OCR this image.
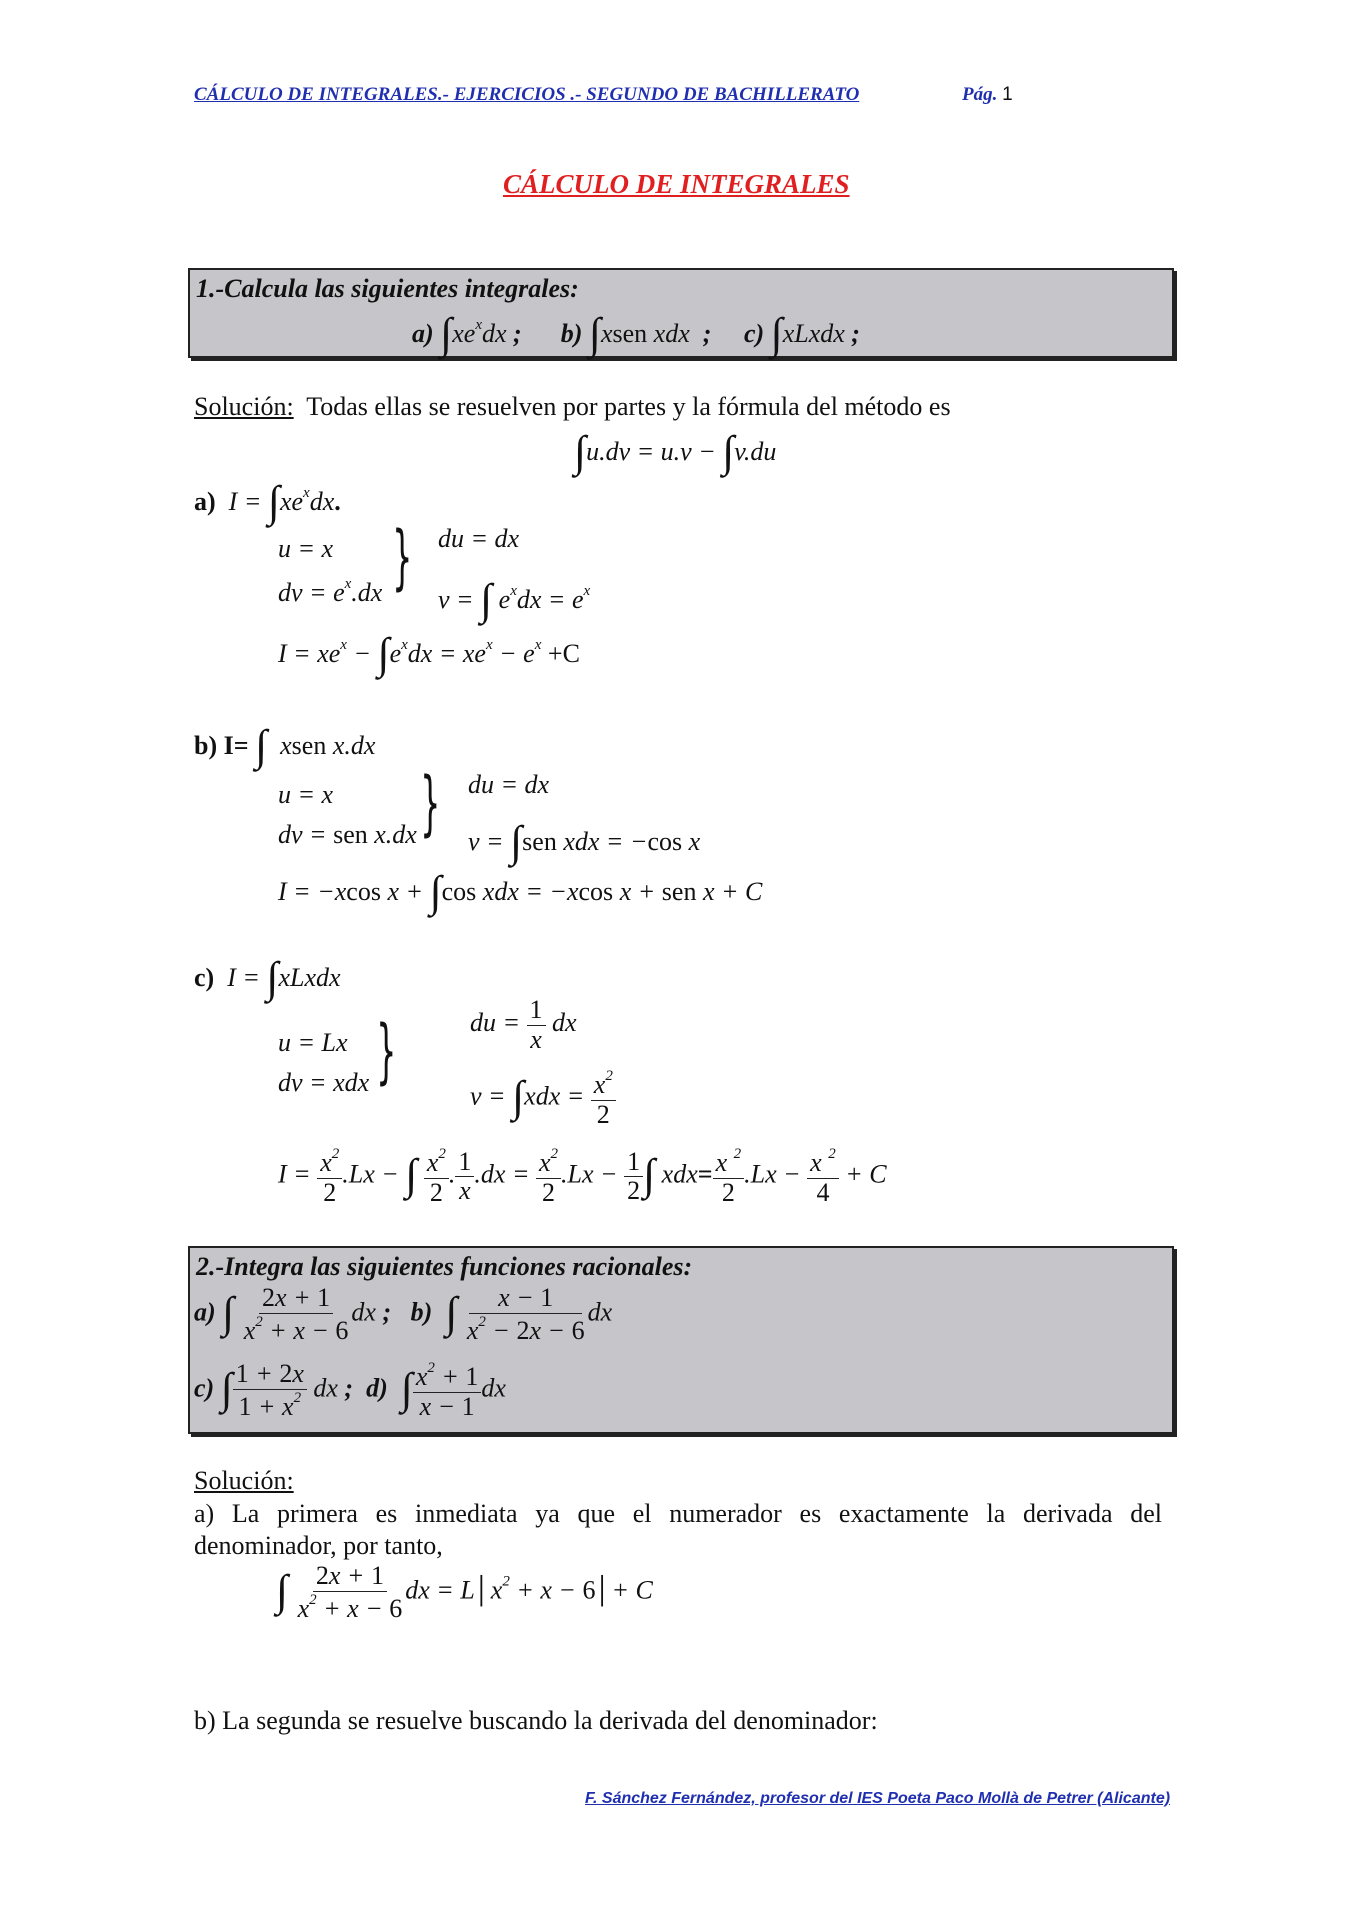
CÁLCULO DE INTEGRALES.- EJERCICIOS .- SEGUNDO DE BACHILLERATO	Pág. 1
CÁLCULO DE INTEGRALES
1.-Calcula las siguientes integrales:
a) $\int xe^xdx$ ; b) ∫xsen xdx  ; c) ∫xLxdx ;
Solución: Todas ellas se resuelven por partes y la fórmula del método es
∫u.dv = u.v − ∫v.du
a)  $I = \int xe^xdx$.
u = x
dv = $e^x.dx$ } du = dx
v = ∫ $e^xdx = e^x$
$I = xe^x - \int e^xdx = xe^x - e^x +C$
b) I= ∫  xsen x.dx
u = x
dv = sen x.dx } du = dx
v = ∫sen xdx = −cos x
I = −xcos x + ∫cos xdx = −xcos x + sen x + C
c)  I = ∫xLxdx
u = Lx
dv = xdx }	du = $\frac{1}{x}$ dx
$v = \int xdx = \frac{x^2}{2}$
$I = \frac{x^2}{2} .Lx$ − ∫ $\frac{x^2}{2}$ . $\frac{1}{x} .dx = \frac{x^2}{2} .Lx - \frac{1}{2}$ ∫ $xdx= \frac{x ^2}{2} .Lx - \frac{x ^2}{4} + C$
2.-Integra las siguientes funciones racionales:
a) ∫ $\frac{2x + 1}{x^2 + x - 6}$ dx ; b) ∫ $\frac{x - 1}{x^2 - 2x - 6}$ dx
c) ∫ $\frac{1 + 2x}{1 + x^2}$ dx ; d) ∫ $\frac{x^2 + 1}{x - 1}$ dx
Solución:
a) La primera es inmediata ya que el numerador es exactamente la derivada del denominador, por tanto,
∫ $\frac{2x + 1}{x^2 + x - 6}$ dx = $L│x^2 + x$ − 6│+ C
b) La segunda se resuelve buscando la derivada del denominador:
F. Sánchez Fernández, profesor del IES Poeta Paco Mollà de Petrer (Alicante)
